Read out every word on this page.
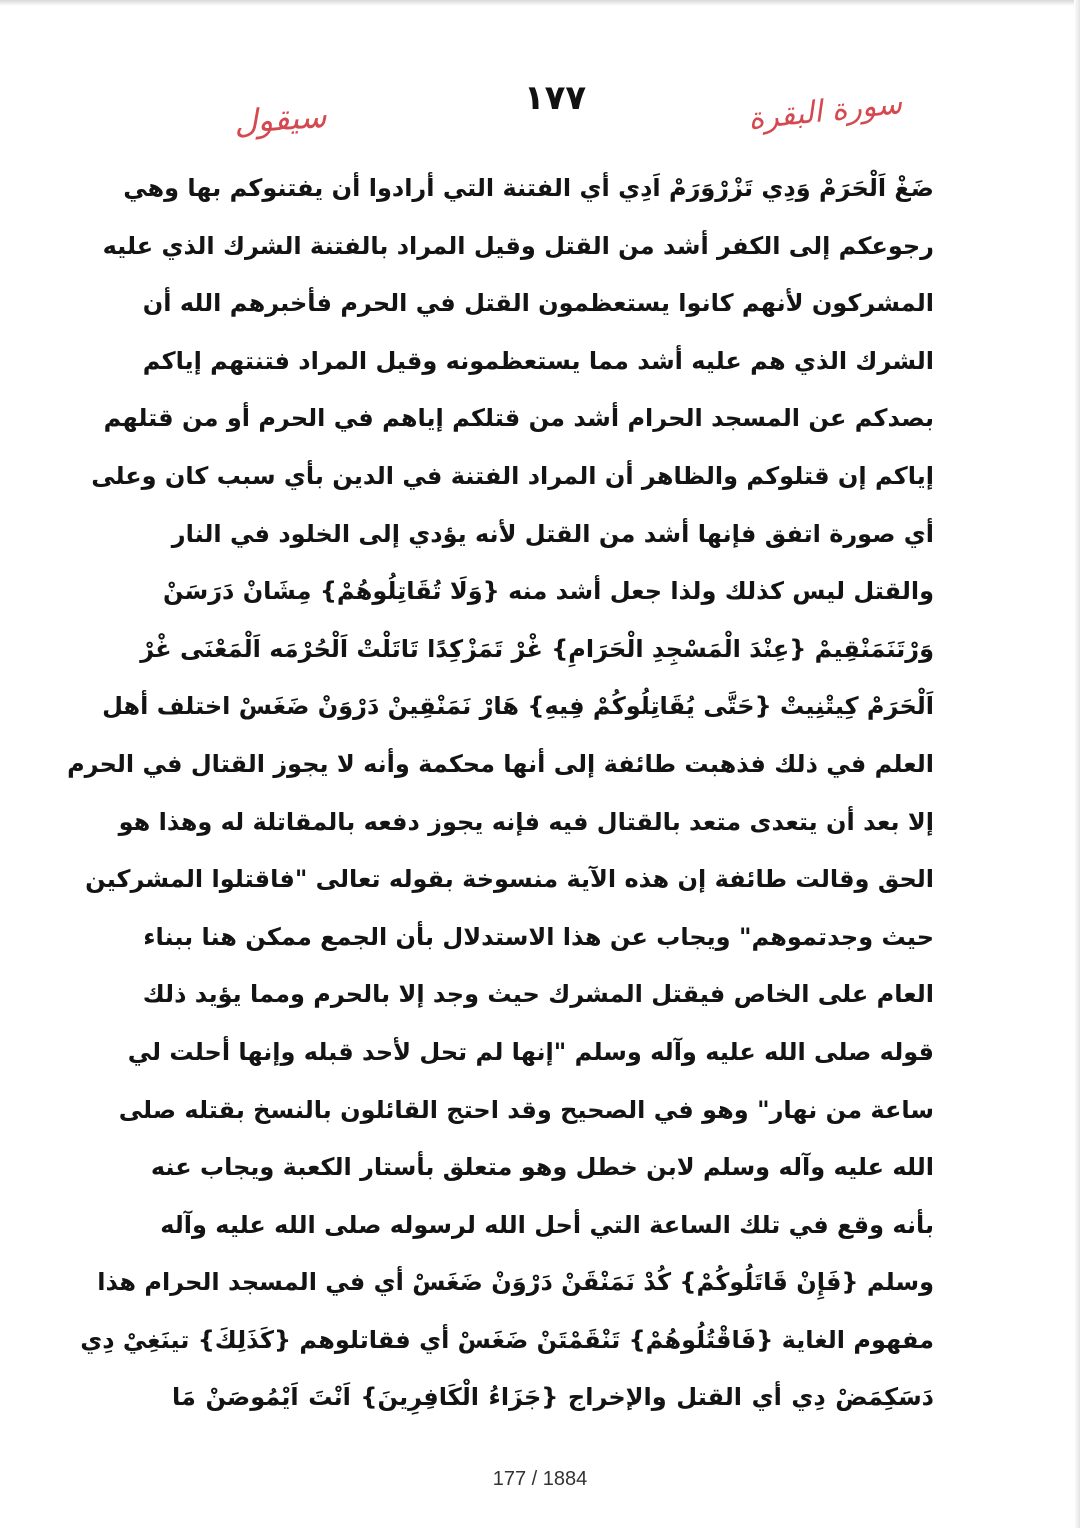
١٧٧	سورة البقرة
سيقول
ضَغْ اَلْحَرَمْ وَدِي تَزْرْوَرَمْ اَدِي أي الفتنة التي أرادوا أن يفتنوكم بها وهي
رجوعكم إلى الكفر أشد من القتل وقيل المراد بالفتنة الشرك الذي عليه
المشركون لأنهم كانوا يستعظمون القتل في الحرم فأخبرهم الله أن
الشرك الذي هم عليه أشد مما يستعظمونه وقيل المراد فتنتهم إياكم
بصدكم عن المسجد الحرام أشد من قتلكم إياهم في الحرم أو من قتلهم
إياكم إن قتلوكم والظاهر أن المراد الفتنة في الدين بأي سبب كان وعلى
أي صورة اتفق فإنها أشد من القتل لأنه يؤدي إلى الخلود في النار
والقتل ليس كذلك ولذا جعل أشد منه {وَلَا تُقَاتِلُوهُمْ} مِشَانْ دَرَسَنْ
وَرْتَنَمَنْقِيمْ {عِنْدَ الْمَسْجِدِ الْحَرَامِ} غْرْ تَمَزْكِدًا تَاتَلْتْ اَلْحُرْمَه اَلْمَعْنَى غْرْ
اَلْحَرَمْ كِيتْنِيتْ {حَتَّى يُقَاتِلُوكُمْ فِيهِ} هَارْ نَمَنْقِينْ دَرْوَنْ ضَغَسْ اختلف أهل
العلم في ذلك فذهبت طائفة إلى أنها محكمة وأنه لا يجوز القتال في الحرم
إلا بعد أن يتعدى متعد بالقتال فيه فإنه يجوز دفعه بالمقاتلة له وهذا هو
الحق وقالت طائفة إن هذه الآية منسوخة بقوله تعالى "فاقتلوا المشركين
حيث وجدتموهم" ويجاب عن هذا الاستدلال بأن الجمع ممكن هنا ببناء
العام على الخاص فيقتل المشرك حيث وجد إلا بالحرم ومما يؤيد ذلك
قوله صلى الله عليه وآله وسلم "إنها لم تحل لأحد قبله وإنها أحلت لي
ساعة من نهار" وهو في الصحيح وقد احتج القائلون بالنسخ بقتله صلى
الله عليه وآله وسلم لابن خطل وهو متعلق بأستار الكعبة ويجاب عنه
بأنه وقع في تلك الساعة التي أحل الله لرسوله صلى الله عليه وآله
وسلم {فَإِنْ قَاتَلُوكُمْ} كُدْ نَمَنْقَنْ دَرْوَنْ ضَغَسْ أي في المسجد الحرام هذا
مفهوم الغاية {فَاقْتُلُوهُمْ} تَنْقَمْتَنْ ضَغَسْ أي فقاتلوهم {كَذَلِكَ} تينَغِيْ دِي
دَسَكِمَضْ دِي أي القتل والإخراج {جَزَاءُ الْكَافِرِينَ} اَنْتَ اَيْمُوصَنْ مَا
177 / 1884
